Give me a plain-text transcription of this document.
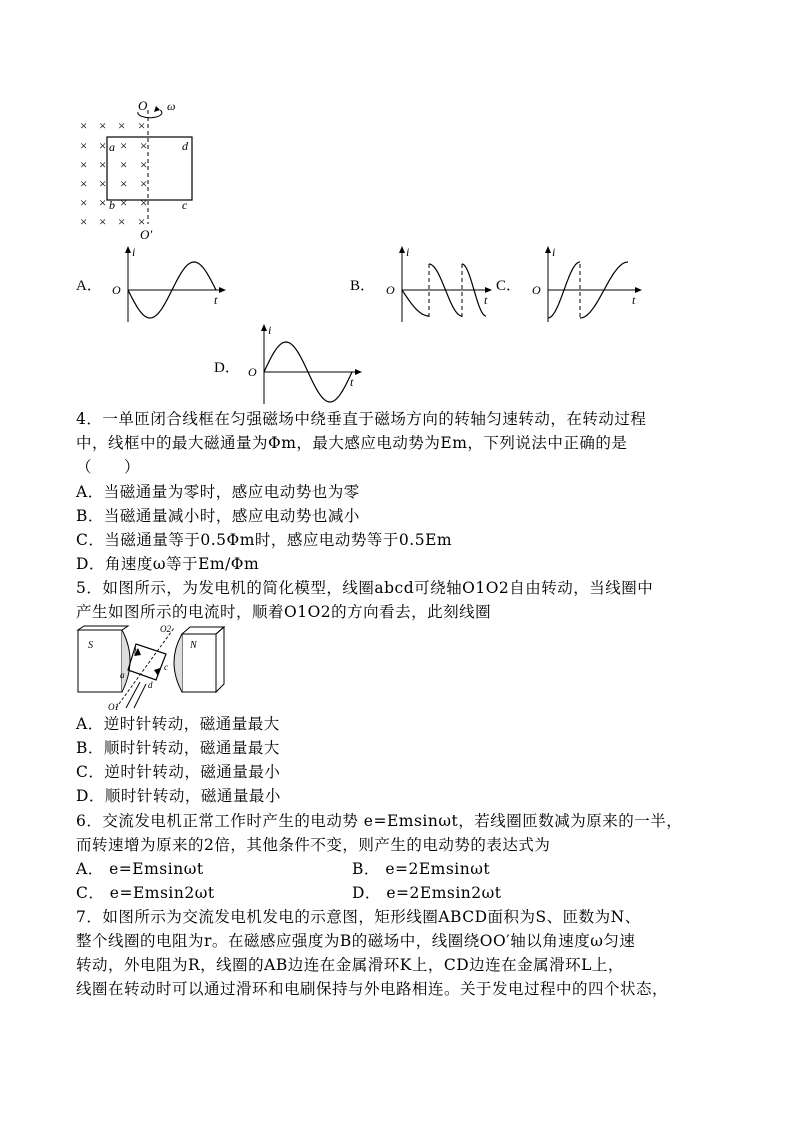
× × × ×
× × × ×
× × × ×
× × × ×
× × × ×
× × × ×
O ω
a	d
b	c
O′
A．
i
O
t
B．
i
O
t
C．
i
O
t
D．
i
O
t
4．一单匝闭合线框在匀强磁场中绕垂直于磁场方向的转轴匀速转动，在转动过程
中，线框中的最大磁通量为Φm，最大感应电动势为Em，下列说法中正确的是
（　　）
A．当磁通量为零时，感应电动势也为零
B．当磁通量减小时，感应电动势也减小
C．当磁通量等于0.5Φm时，感应电动势等于0.5Em
D．角速度ω等于Em/Φm
5．如图所示，为发电机的简化模型，线圈abcd可绕轴O1O2自由转动，当线圈中
产生如图所示的电流时，顺着O1O2的方向看去，此刻线圈
S	N
b
a
c
d
O2
O1
A．逆时针转动，磁通量最大
B．顺时针转动，磁通量最大
C．逆时针转动，磁通量最小
D．顺时针转动，磁通量最小
6．交流发电机正常工作时产生的电动势 e=Emsinωt，若线圈匝数减为原来的一半，
而转速增为原来的2倍，其他条件不变，则产生的电动势的表达式为
A． e=Emsinωt	B． e=2Emsinωt
C． e=Emsin2ωt	D． e=2Emsin2ωt
7．如图所示为交流发电机发电的示意图，矩形线圈ABCD面积为S、匝数为N、
整个线圈的电阻为r。在磁感应强度为B的磁场中，线圈绕OO′轴以角速度ω匀速
转动，外电阻为R，线圈的AB边连在金属滑环K上，CD边连在金属滑环L上，
线圈在转动时可以通过滑环和电刷保持与外电路相连。关于发电过程中的四个状态，
